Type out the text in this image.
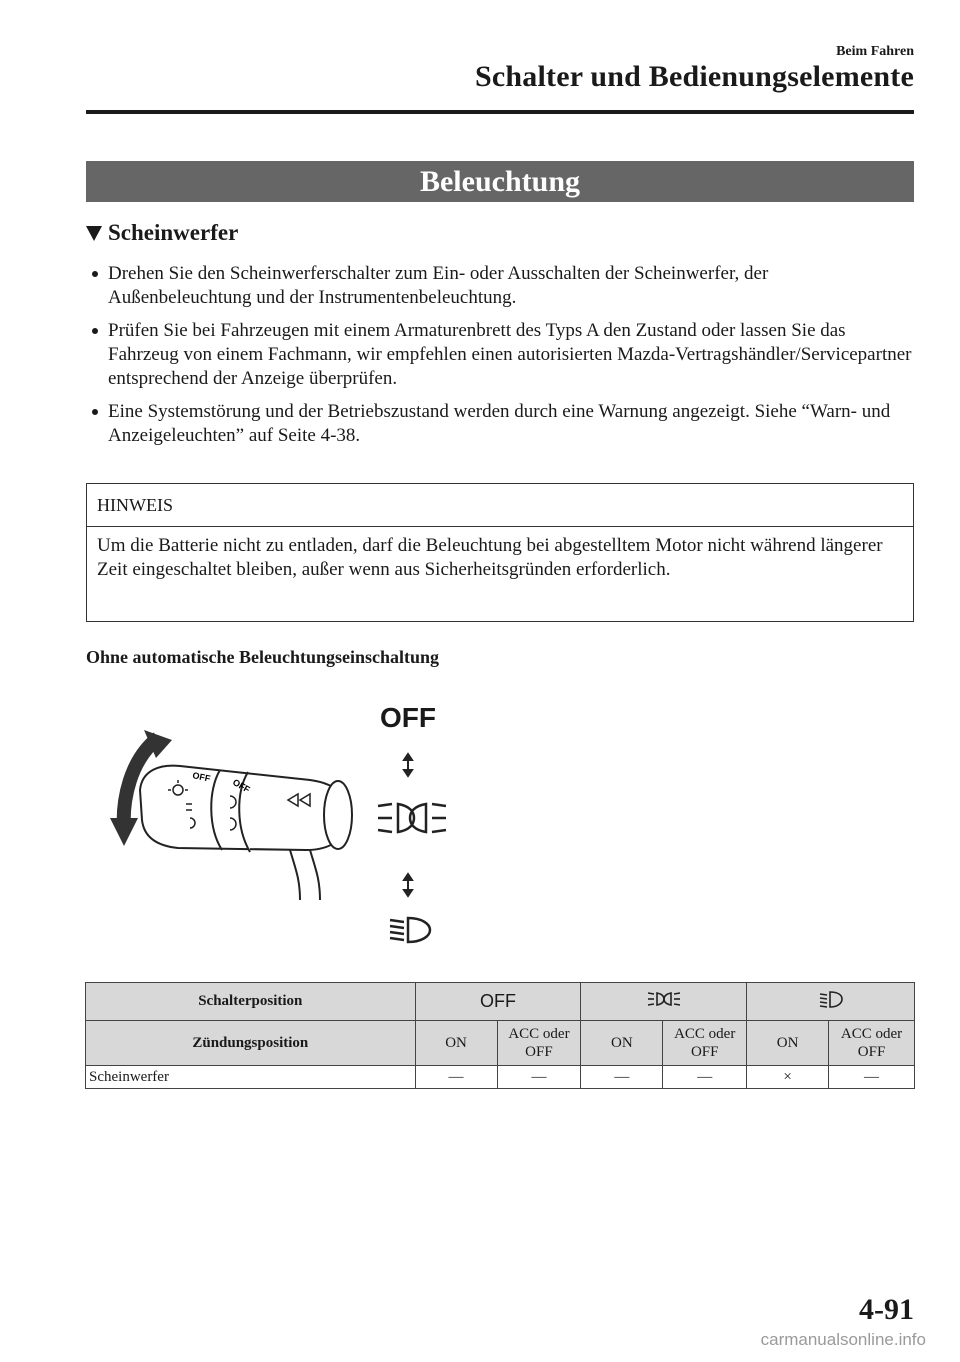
Beim Fahren
Schalter und Bedienungselemente
Beleuchtung
Scheinwerfer
Drehen Sie den Scheinwerferschalter zum Ein- oder Ausschalten der Scheinwerfer, der Außenbeleuchtung und der Instrumentenbeleuchtung.
Prüfen Sie bei Fahrzeugen mit einem Armaturenbrett des Typs A den Zustand oder lassen Sie das Fahrzeug von einem Fachmann, wir empfehlen einen autorisierten Mazda-Vertragshändler/Servicepartner entsprechend der Anzeige überprüfen.
Eine Systemstörung und der Betriebszustand werden durch eine Warnung angezeigt. Siehe “Warn- und Anzeigeleuchten” auf Seite 4-38.
HINWEIS
Um die Batterie nicht zu entladen, darf die Beleuchtung bei abgestelltem Motor nicht während längerer Zeit eingeschaltet bleiben, außer wenn aus Sicherheitsgründen erforderlich.
Ohne automatische Beleuchtungseinschaltung
OFF
OFF
OFF
Schalterposition	OFF		
Zündungsposition	ON	ACC oder OFF	ON	ACC oder OFF	ON	ACC oder OFF
Scheinwerfer	—	—	—	—	×	—
4-91
carmanualsonline.info
